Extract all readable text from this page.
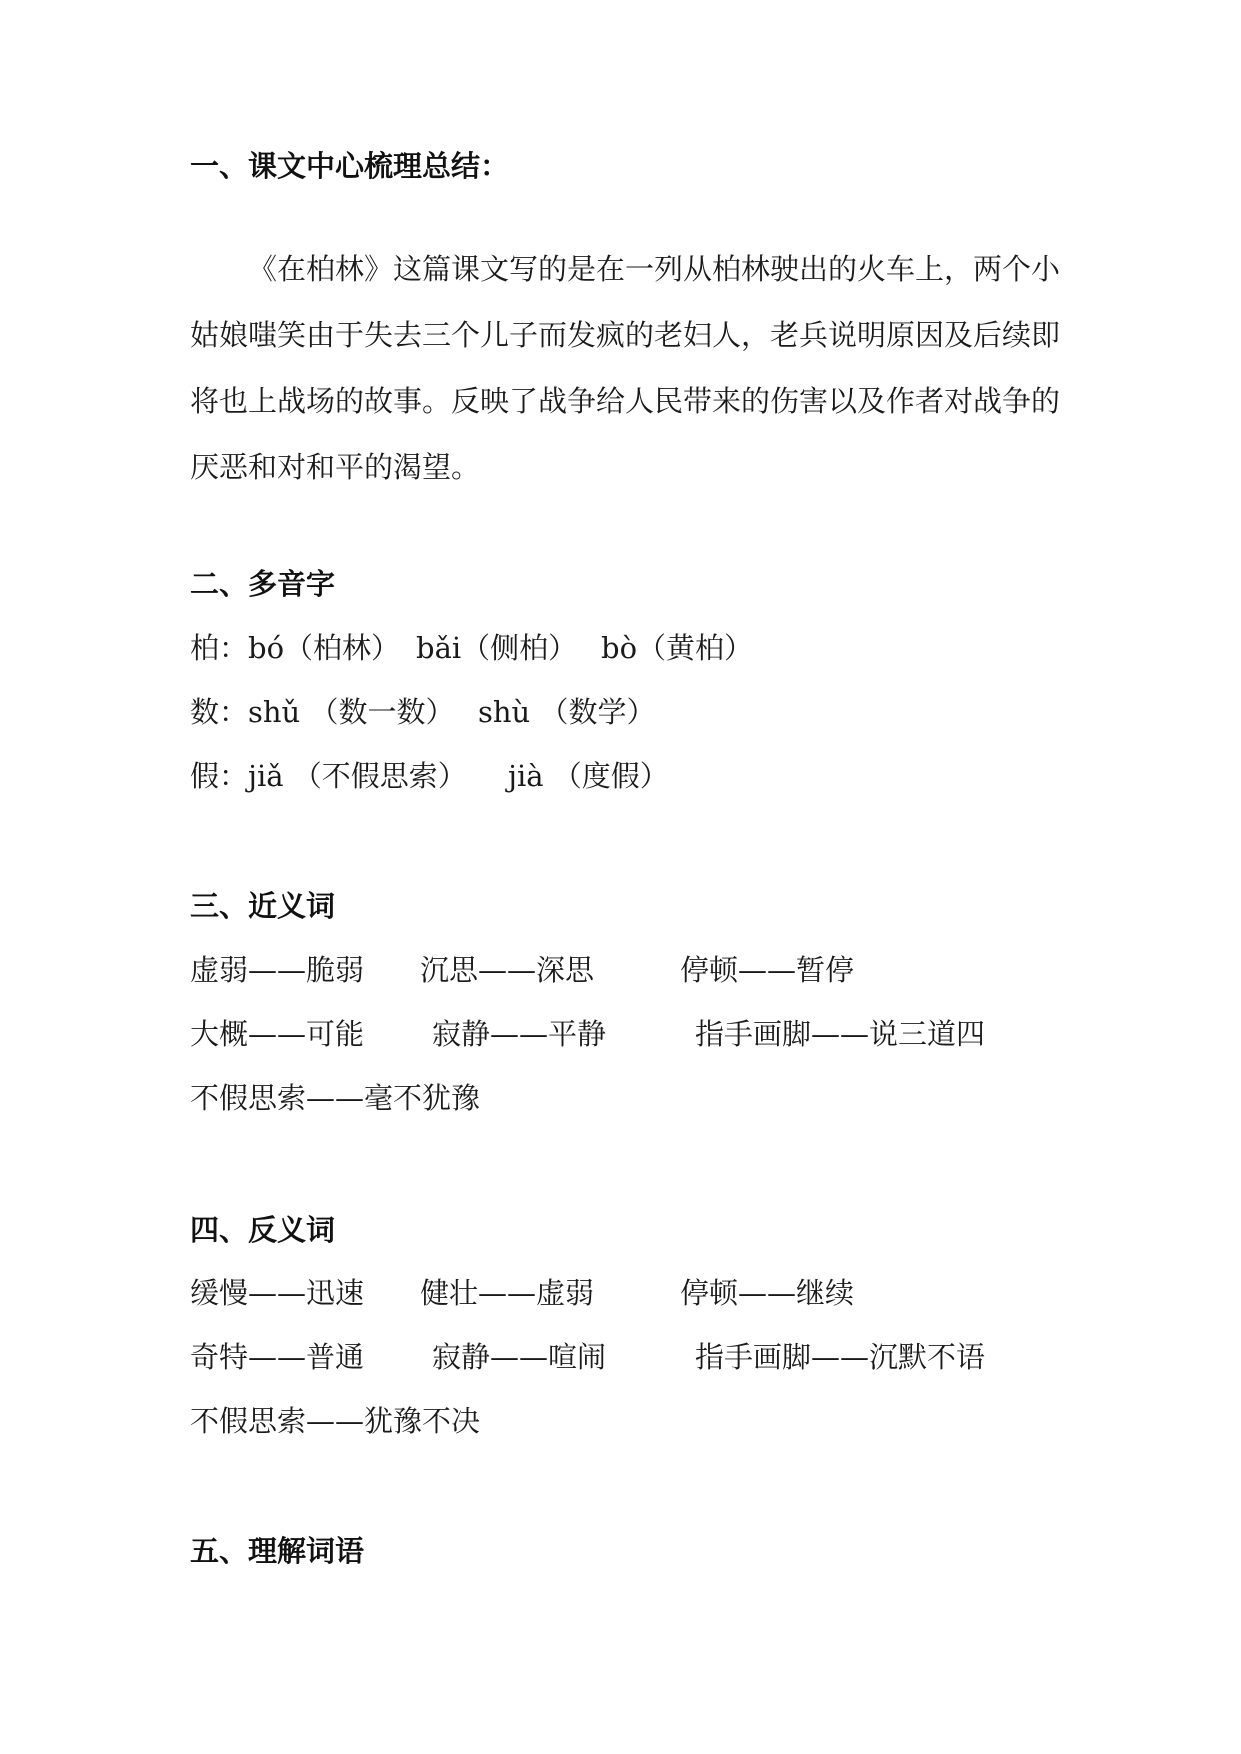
一、课文中心梳理总结：
《在柏林》这篇课文写的是在一列从柏林驶出的火车上，两个小姑娘嗤笑由于失去三个儿子而发疯的老妇人，老兵说明原因及后续即将也上战场的故事。反映了战争给人民带来的伤害以及作者对战争的厌恶和对和平的渴望。
二、多音字
柏：bó（柏林） bǎi（侧柏） bò（黄柏）
数：shǔ （数一数） shù （数学）
假：jiǎ （不假思索） jià （度假）
三、近义词
虚弱——脆弱 沉思——深思	停顿——暂停
大概——可能 寂静——平静	指手画脚——说三道四
不假思索——毫不犹豫
四、反义词
缓慢——迅速 健壮——虚弱	停顿——继续
奇特——普通 寂静——喧闹	指手画脚——沉默不语
不假思索——犹豫不决
五、理解词语
